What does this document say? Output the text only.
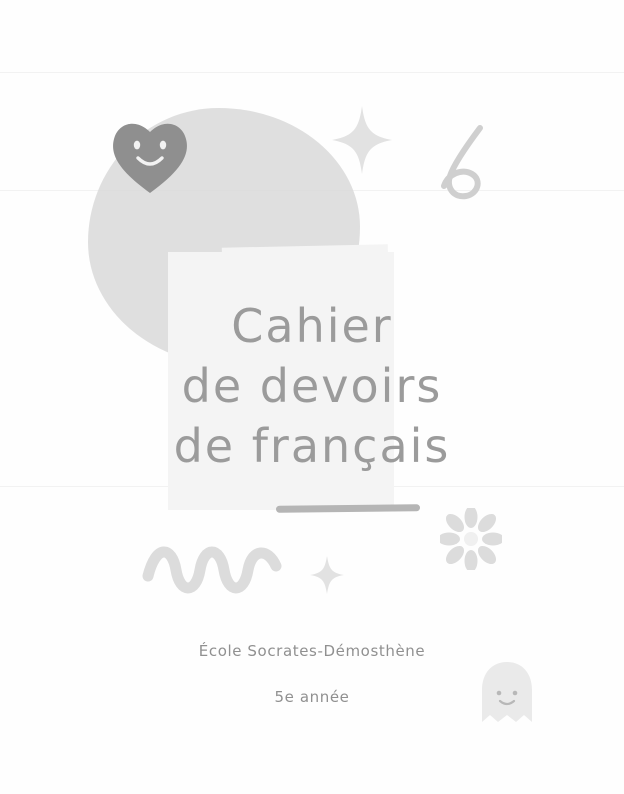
Cahier
de devoirs
de français
École Socrates-Démosthène
5e année
